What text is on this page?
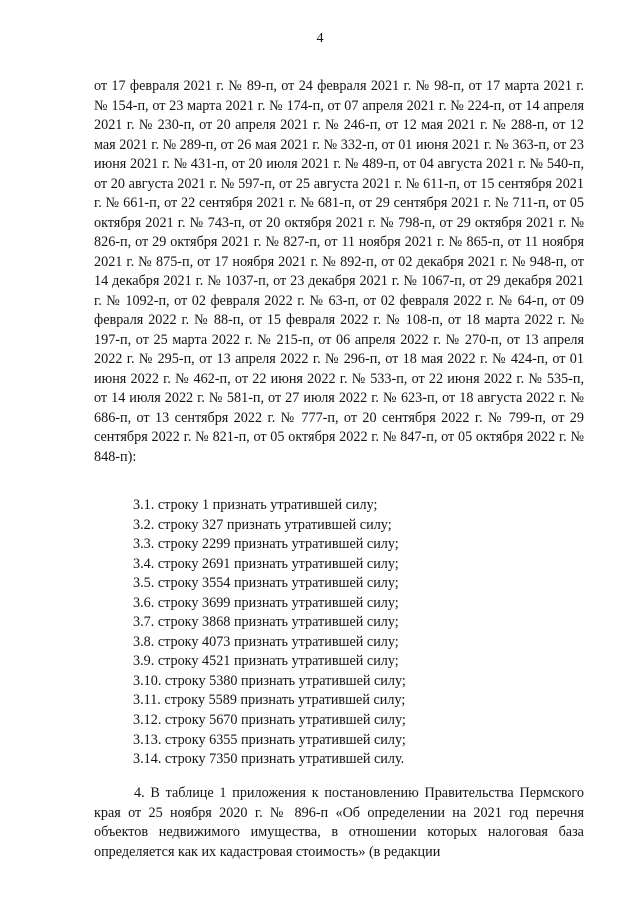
4

от 17 февраля 2021 г. № 89-п, от 24 февраля 2021 г. № 98-п, от 17 марта 2021 г. № 154-п, от 23 марта 2021 г. № 174-п, от 07 апреля 2021 г. № 224-п, от 14 апреля 2021 г. № 230-п, от 20 апреля 2021 г. № 246-п, от 12 мая 2021 г. № 288-п, от 12 мая 2021 г. № 289-п, от 26 мая 2021 г. № 332-п, от 01 июня 2021 г. № 363-п, от 23 июня 2021 г. № 431-п, от 20 июля 2021 г. № 489-п, от 04 августа 2021 г. № 540-п, от 20 августа 2021 г. № 597-п, от 25 августа 2021 г. № 611-п, от 15 сентября 2021 г. № 661-п, от 22 сентября 2021 г. № 681-п, от 29 сентября 2021 г. № 711-п, от 05 октября 2021 г. № 743-п, от 20 октября 2021 г. № 798-п, от 29 октября 2021 г. № 826-п, от 29 октября 2021 г. № 827-п, от 11 ноября 2021 г. № 865-п, от 11 ноября 2021 г. № 875-п, от 17 ноября 2021 г. № 892-п, от 02 декабря 2021 г. № 948-п, от 14 декабря 2021 г. № 1037-п, от 23 декабря 2021 г. № 1067-п, от 29 декабря 2021 г. № 1092-п, от 02 февраля 2022 г. № 63-п, от 02 февраля 2022 г. № 64-п, от 09 февраля 2022 г. № 88-п, от 15 февраля 2022 г. № 108-п, от 18 марта 2022 г. № 197-п, от 25 марта 2022 г. № 215-п, от 06 апреля 2022 г. № 270-п, от 13 апреля 2022 г. № 295-п, от 13 апреля 2022 г. № 296-п, от 18 мая 2022 г. № 424-п, от 01 июня 2022 г. № 462-п, от 22 июня 2022 г. № 533-п, от 22 июня 2022 г. № 535-п, от 14 июля 2022 г. № 581-п, от 27 июля 2022 г. № 623-п, от 18 августа 2022 г. № 686-п, от 13 сентября 2022 г. № 777-п, от 20 сентября 2022 г. № 799-п, от 29 сентября 2022 г. № 821-п, от 05 октября 2022 г. № 847-п, от 05 октября 2022 г. № 848-п):

3.1. строку 1 признать утратившей силу;
3.2. строку 327 признать утратившей силу;
3.3. строку 2299 признать утратившей силу;
3.4. строку 2691 признать утратившей силу;
3.5. строку 3554 признать утратившей силу;
3.6. строку 3699 признать утратившей силу;
3.7. строку 3868 признать утратившей силу;
3.8. строку 4073 признать утратившей силу;
3.9. строку 4521 признать утратившей силу;
3.10. строку 5380 признать утратившей силу;
3.11. строку 5589 признать утратившей силу;
3.12. строку 5670 признать утратившей силу;
3.13. строку 6355 признать утратившей силу;
3.14. строку 7350 признать утратившей силу.

4. В таблице 1 приложения к постановлению Правительства Пермского края от 25 ноября 2020 г. № 896-п «Об определении на 2021 год перечня объектов недвижимого имущества, в отношении которых налоговая база определяется как их кадастровая стоимость» (в редакции
